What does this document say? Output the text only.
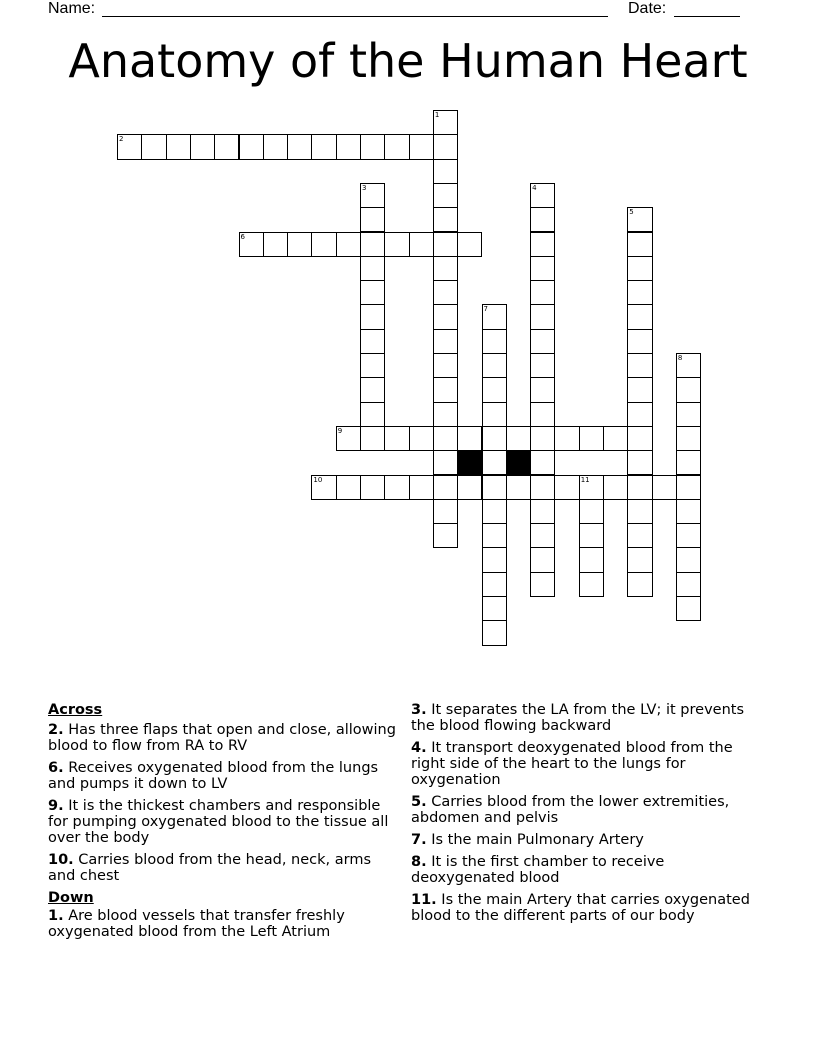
Name:	Date:
Anatomy of the Human Heart
1
2
3	4
5
6
7
8
9
10	11
Across
2. Has three flaps that open and close, allowing blood to flow from RA to RV
6. Receives oxygenated blood from the lungs and pumps it down to LV
9. It is the thickest chambers and responsible for pumping oxygenated blood to the tissue all over the body
10. Carries blood from the head, neck, arms and chest
Down
1. Are blood vessels that transfer freshly oxygenated blood from the Left Atrium
3. It separates the LA from the LV; it prevents the blood flowing backward
4. It transport deoxygenated blood from the right side of the heart to the lungs for oxygenation
5. Carries blood from the lower extremities, abdomen and pelvis
7. Is the main Pulmonary Artery
8. It is the first chamber to receive deoxygenated blood
11. Is the main Artery that carries oxygenated blood to the different parts of our body
